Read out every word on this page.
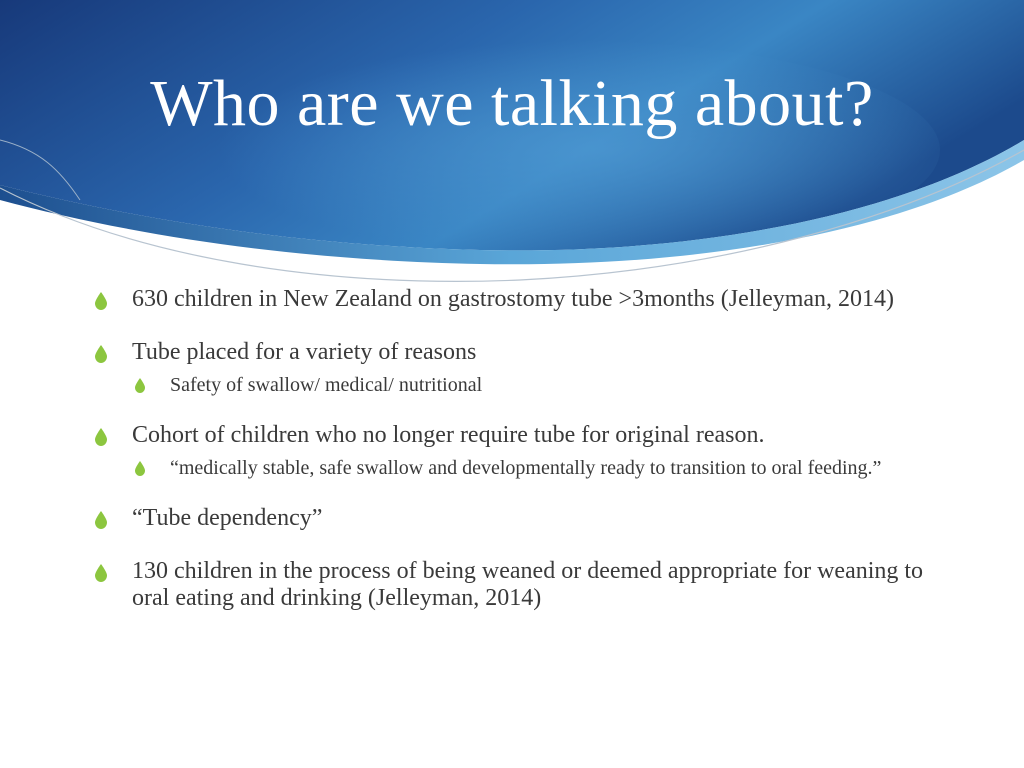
Who are we talking about?
630 children in New Zealand on gastrostomy tube >3months (Jelleyman, 2014)
Tube placed for a variety of reasons
Safety of swallow/ medical/ nutritional
Cohort of children who no longer require tube for original reason.
“medically stable, safe swallow and developmentally ready to transition to oral feeding.”
“Tube dependency”
130 children in the process of being weaned or deemed appropriate for weaning to oral eating and drinking (Jelleyman, 2014)
